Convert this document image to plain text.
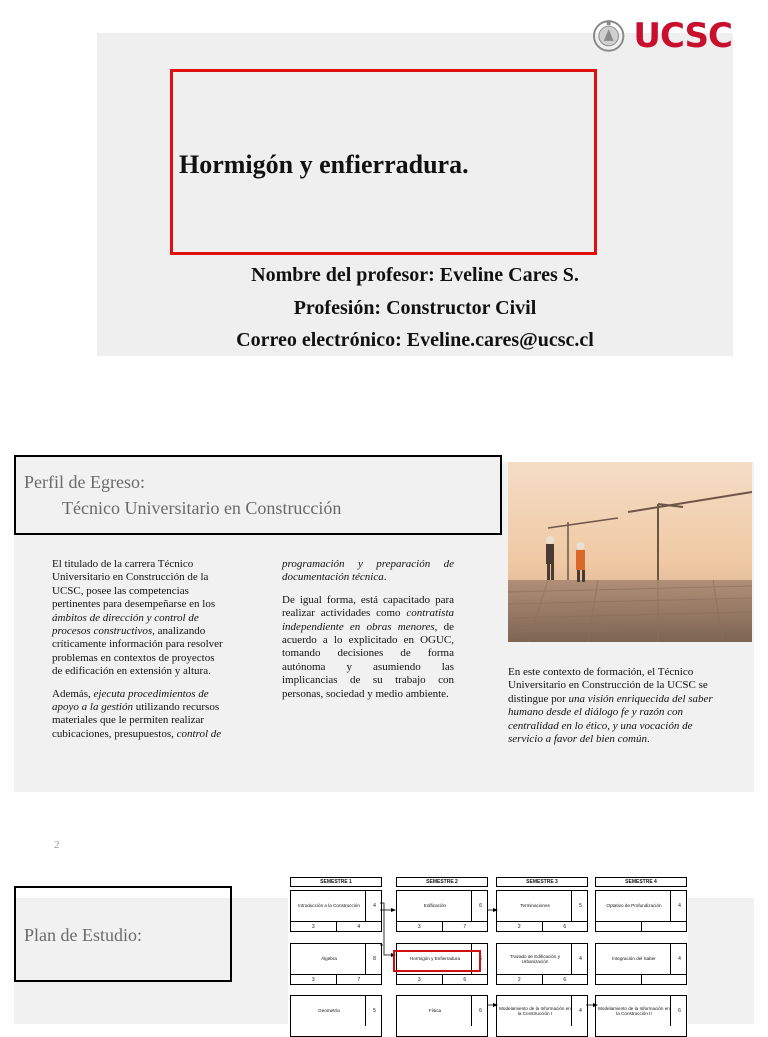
UCSC
Hormigón y enfierradura.
Nombre del profesor: Eveline Cares S.
Profesión: Constructor Civil
Correo electrónico: Eveline.cares@ucsc.cl
Perfil de Egreso:
Técnico Universitario en Construcción

El titulado de la carrera Técnico Universitario en Construcción de la UCSC, posee las competencias pertinentes para desempeñarse en los ámbitos de dirección y control de procesos constructivos, analizando críticamente información para resolver problemas en contextos de proyectos de edificación en extensión y altura.

Además, ejecuta procedimientos de apoyo a la gestión utilizando recursos materiales que le permiten realizar cubicaciones, presupuestos, control de

programación y preparación de documentación técnica.

De igual forma, está capacitado para realizar actividades como contratista independiente en obras menores, de acuerdo a lo explicitado en OGUC, tomando decisiones de forma autónoma y asumiendo las implicancias de su trabajo con personas, sociedad y medio ambiente.

En este contexto de formación, el Técnico Universitario en Construcción de la UCSC se distingue por una visión enriquecida del saber humano desde el diálogo fe y razón con centralidad en lo ético, y una vocación de servicio a favor del bien común.

2
Plan de Estudio:
SEMESTRE 1	SEMESTRE 2	SEMESTRE 3	SEMESTRE 4
Introducción a la Construcción	4
3	4
Edificación	6
3	7
Terminaciones	5
2	6
Optativo de Profundización	4
Álgebra	8
3	7
Hormigón y Enfierradura	6
3	6
Trazado de Edificación y Urbanización	4
2	6
Integración del Saber	4
Geometría	5	Física	6	Modelamiento de la Información en la Construcción I	4	Modelamiento de la Información en la Construcción II	6
